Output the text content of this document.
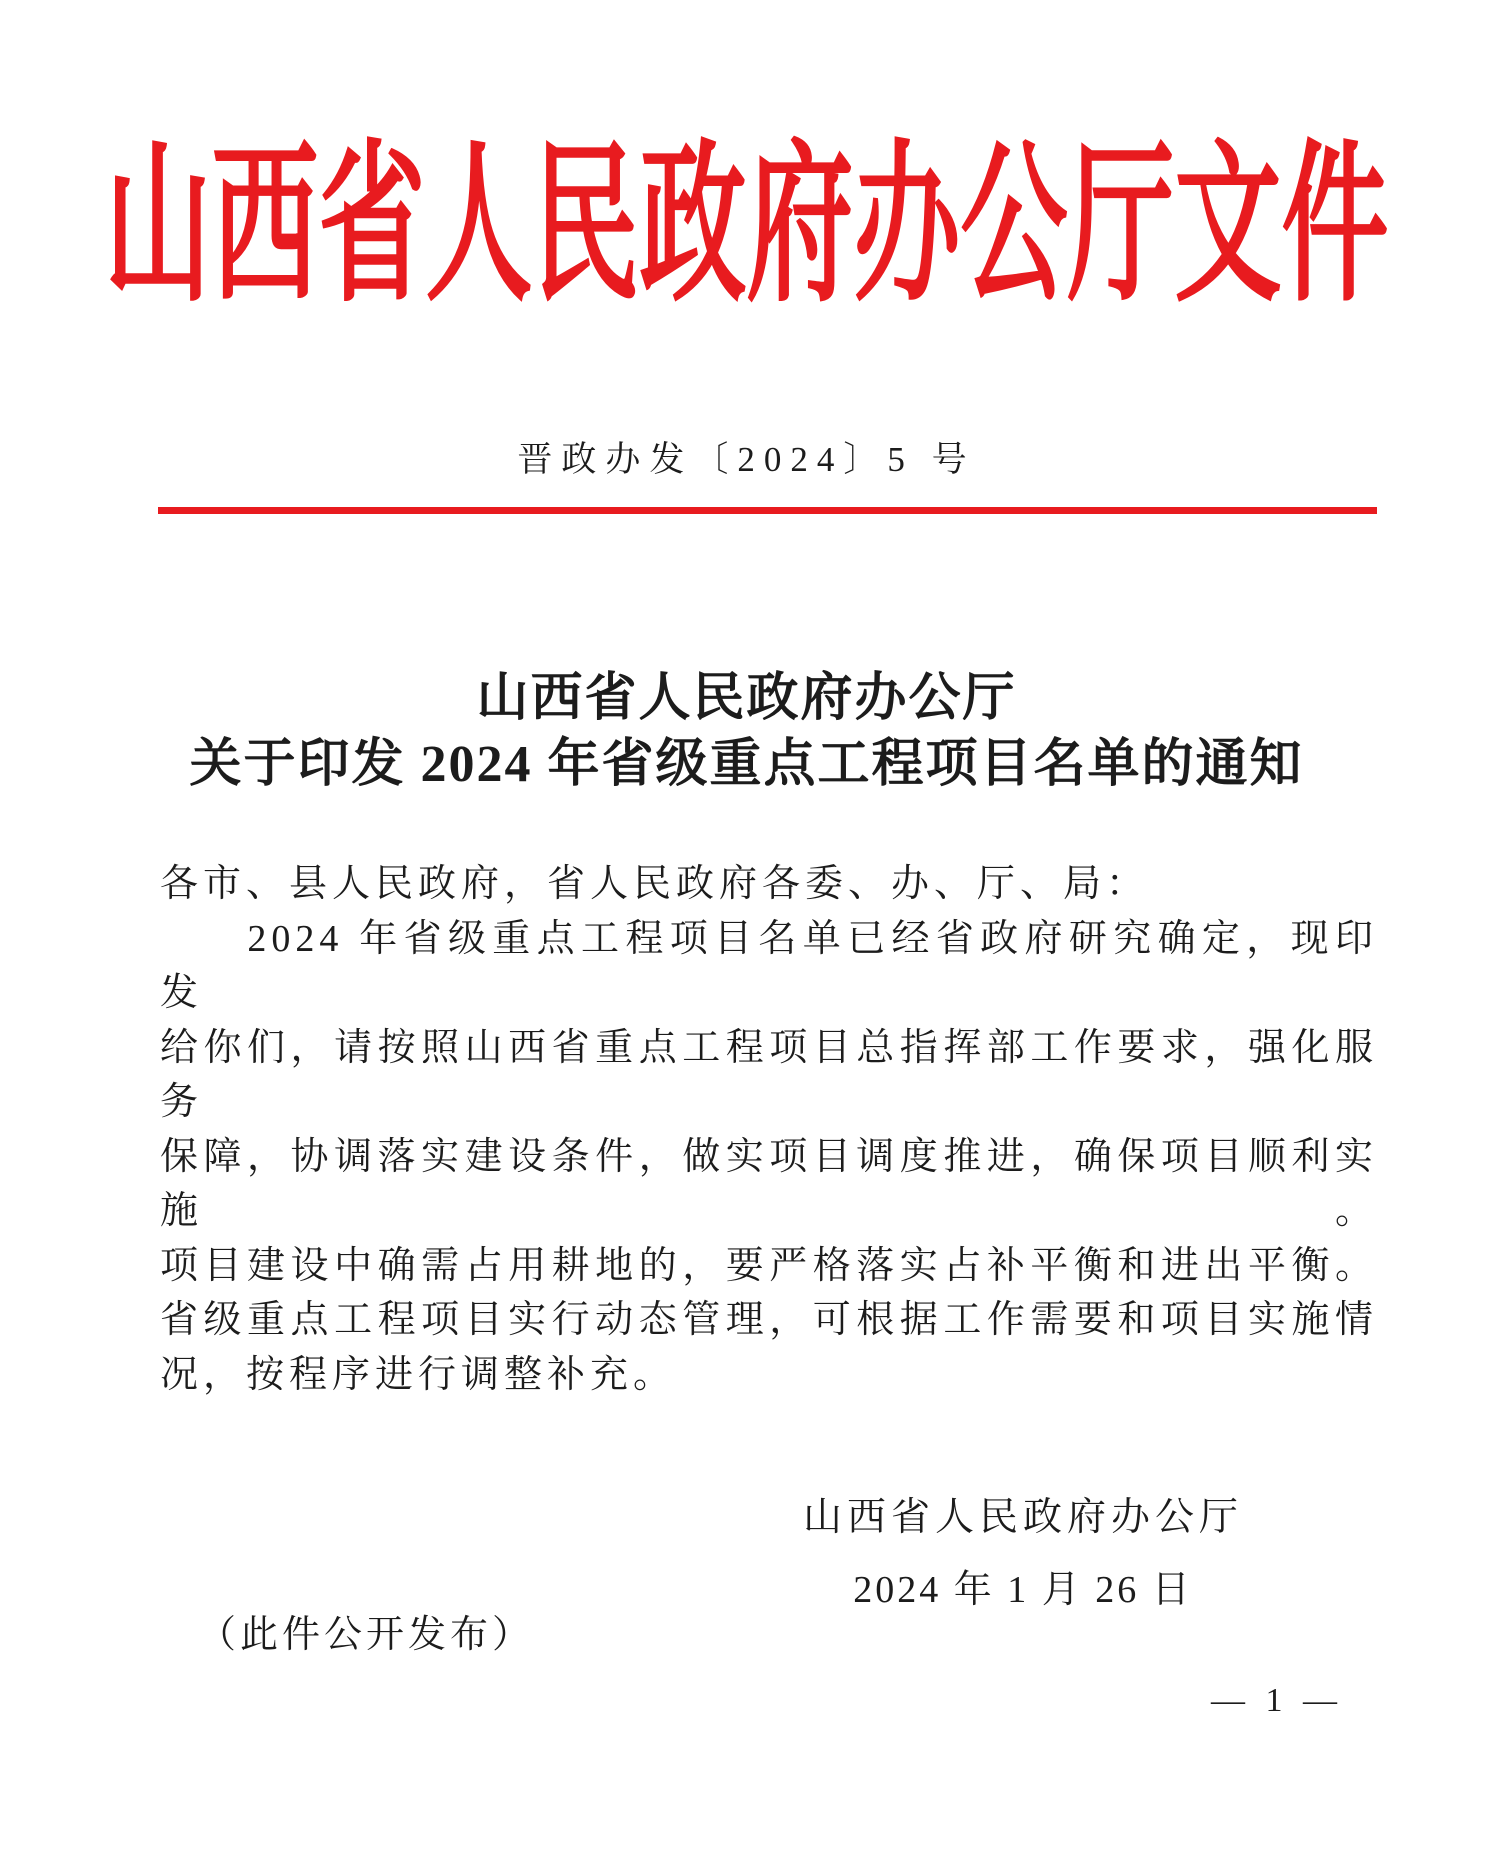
山西省人民政府办公厅文件
晋政办发〔2024〕5 号
山西省人民政府办公厅
关于印发 2024 年省级重点工程项目名单的通知
各市、县人民政府，省人民政府各委、办、厅、局：
2024 年省级重点工程项目名单已经省政府研究确定，现印发
给你们，请按照山西省重点工程项目总指挥部工作要求，强化服务
保障，协调落实建设条件，做实项目调度推进，确保项目顺利实施。
项目建设中确需占用耕地的，要严格落实占补平衡和进出平衡。
省级重点工程项目实行动态管理，可根据工作需要和项目实施情
况，按程序进行调整补充。
山西省人民政府办公厅
2024 年 1 月 26 日
（此件公开发布）
— 1 —
